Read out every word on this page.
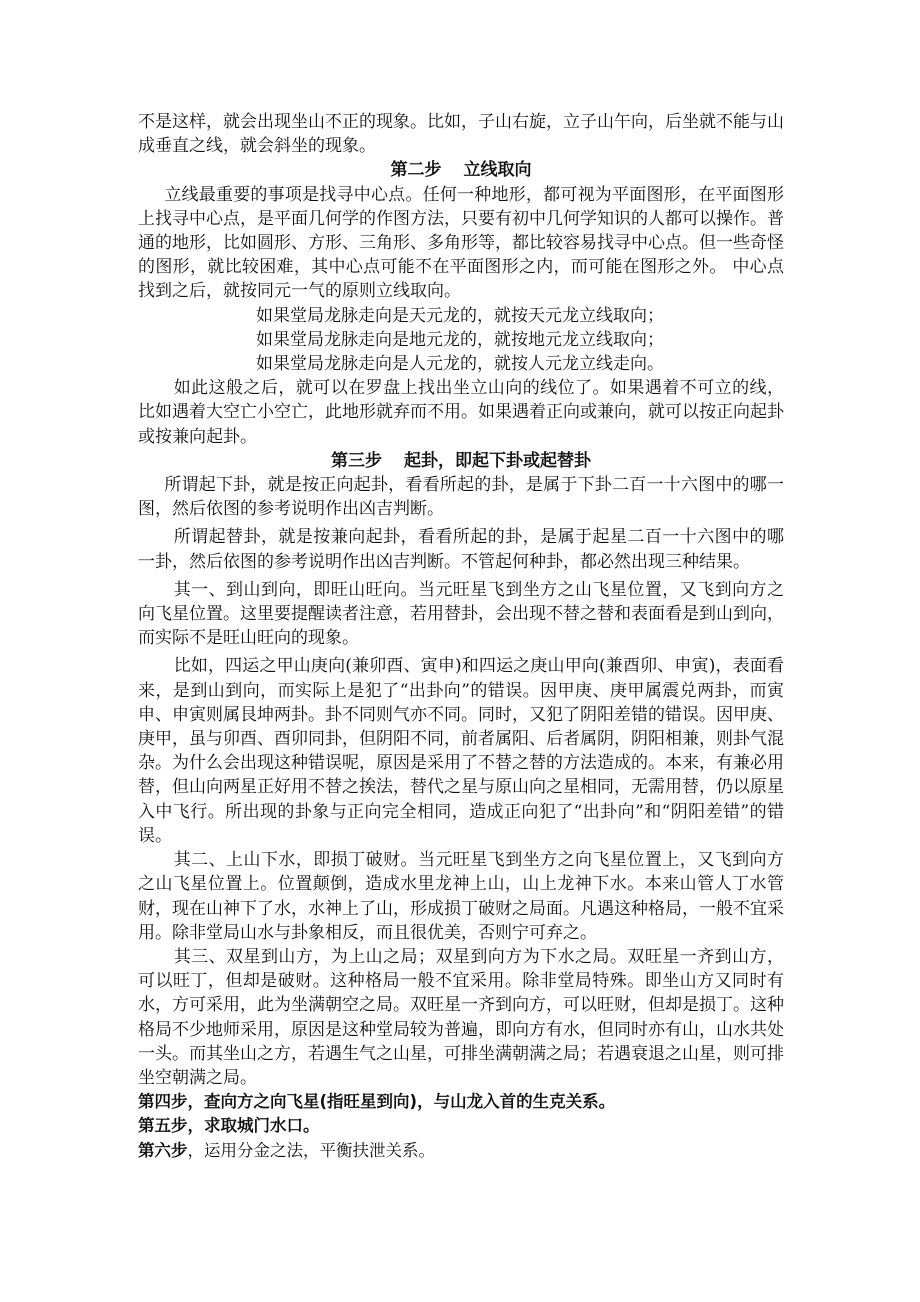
不是这样，就会出现坐山不正的现象。比如，子山右旋，立子山午向，后坐就不能与山成垂直之线，就会斜坐的现象。

第二步 立线取向

立线最重要的事项是找寻中心点。任何一种地形，都可视为平面图形，在平面图形上找寻中心点，是平面几何学的作图方法，只要有初中几何学知识的人都可以操作。普通的地形，比如圆形、方形、三角形、多角形等，都比较容易找寻中心点。但一些奇怪的图形，就比较困难，其中心点可能不在平面图形之内，而可能在图形之外。 中心点找到之后，就按同元一气的原则立线取向。

如果堂局龙脉走向是天元龙的，就按天元龙立线取向；

如果堂局龙脉走向是地元龙的，就按地元龙立线取向；

如果堂局龙脉走向是人元龙的，就按人元龙立线走向。

如此这般之后，就可以在罗盘上找出坐立山向的线位了。如果遇着不可立的线，比如遇着大空亡小空亡，此地形就弃而不用。如果遇着正向或兼向，就可以按正向起卦或按兼向起卦。

第三步 起卦，即起下卦或起替卦

所谓起下卦，就是按正向起卦，看看所起的卦，是属于下卦二百一十六图中的哪一图，然后依图的参考说明作出凶吉判断。

所谓起替卦，就是按兼向起卦，看看所起的卦，是属于起星二百一十六图中的哪一卦，然后依图的参考说明作出凶吉判断。不管起何种卦，都必然出现三种结果。

其一、到山到向，即旺山旺向。当元旺星飞到坐方之山飞星位置，又飞到向方之向飞星位置。这里要提醒读者注意，若用替卦，会出现不替之替和表面看是到山到向，而实际不是旺山旺向的现象。

比如，四运之甲山庚向(兼卯酉、寅申)和四运之庚山甲向(兼酉卯、申寅)，表面看来，是到山到向，而实际上是犯了“出卦向”的错误。因甲庚、庚甲属震兑两卦，而寅申、申寅则属艮坤两卦。卦不同则气亦不同。同时，又犯了阴阳差错的错误。因甲庚、庚甲，虽与卯酉、酉卯同卦，但阴阳不同，前者属阳、后者属阴，阴阳相兼，则卦气混杂。为什么会出现这种错误呢，原因是采用了不替之替的方法造成的。本来，有兼必用替，但山向两星正好用不替之挨法，替代之星与原山向之星相同，无需用替，仍以原星入中飞行。所出现的卦象与正向完全相同，造成正向犯了“出卦向”和“阴阳差错”的错误。

其二、上山下水，即损丁破财。当元旺星飞到坐方之向飞星位置上，又飞到向方之山飞星位置上。位置颠倒，造成水里龙神上山，山上龙神下水。本来山管人丁水管财，现在山神下了水，水神上了山，形成损丁破财之局面。凡遇这种格局，一般不宜采用。除非堂局山水与卦象相反，而且很优美，否则宁可弃之。

其三、双星到山方，为上山之局；双星到向方为下水之局。双旺星一齐到山方，可以旺丁，但却是破财。这种格局一般不宜采用。除非堂局特殊。即坐山方又同时有水，方可采用，此为坐满朝空之局。双旺星一齐到向方，可以旺财，但却是损丁。这种格局不少地师采用，原因是这种堂局较为普遍，即向方有水，但同时亦有山，山水共处一头。而其坐山之方，若遇生气之山星，可排坐满朝满之局；若遇衰退之山星，则可排坐空朝满之局。

第四步，查向方之向飞星(指旺星到向)，与山龙入首的生克关系。

第五步，求取城门水口。

第六步，运用分金之法，平衡扶泄关系。
